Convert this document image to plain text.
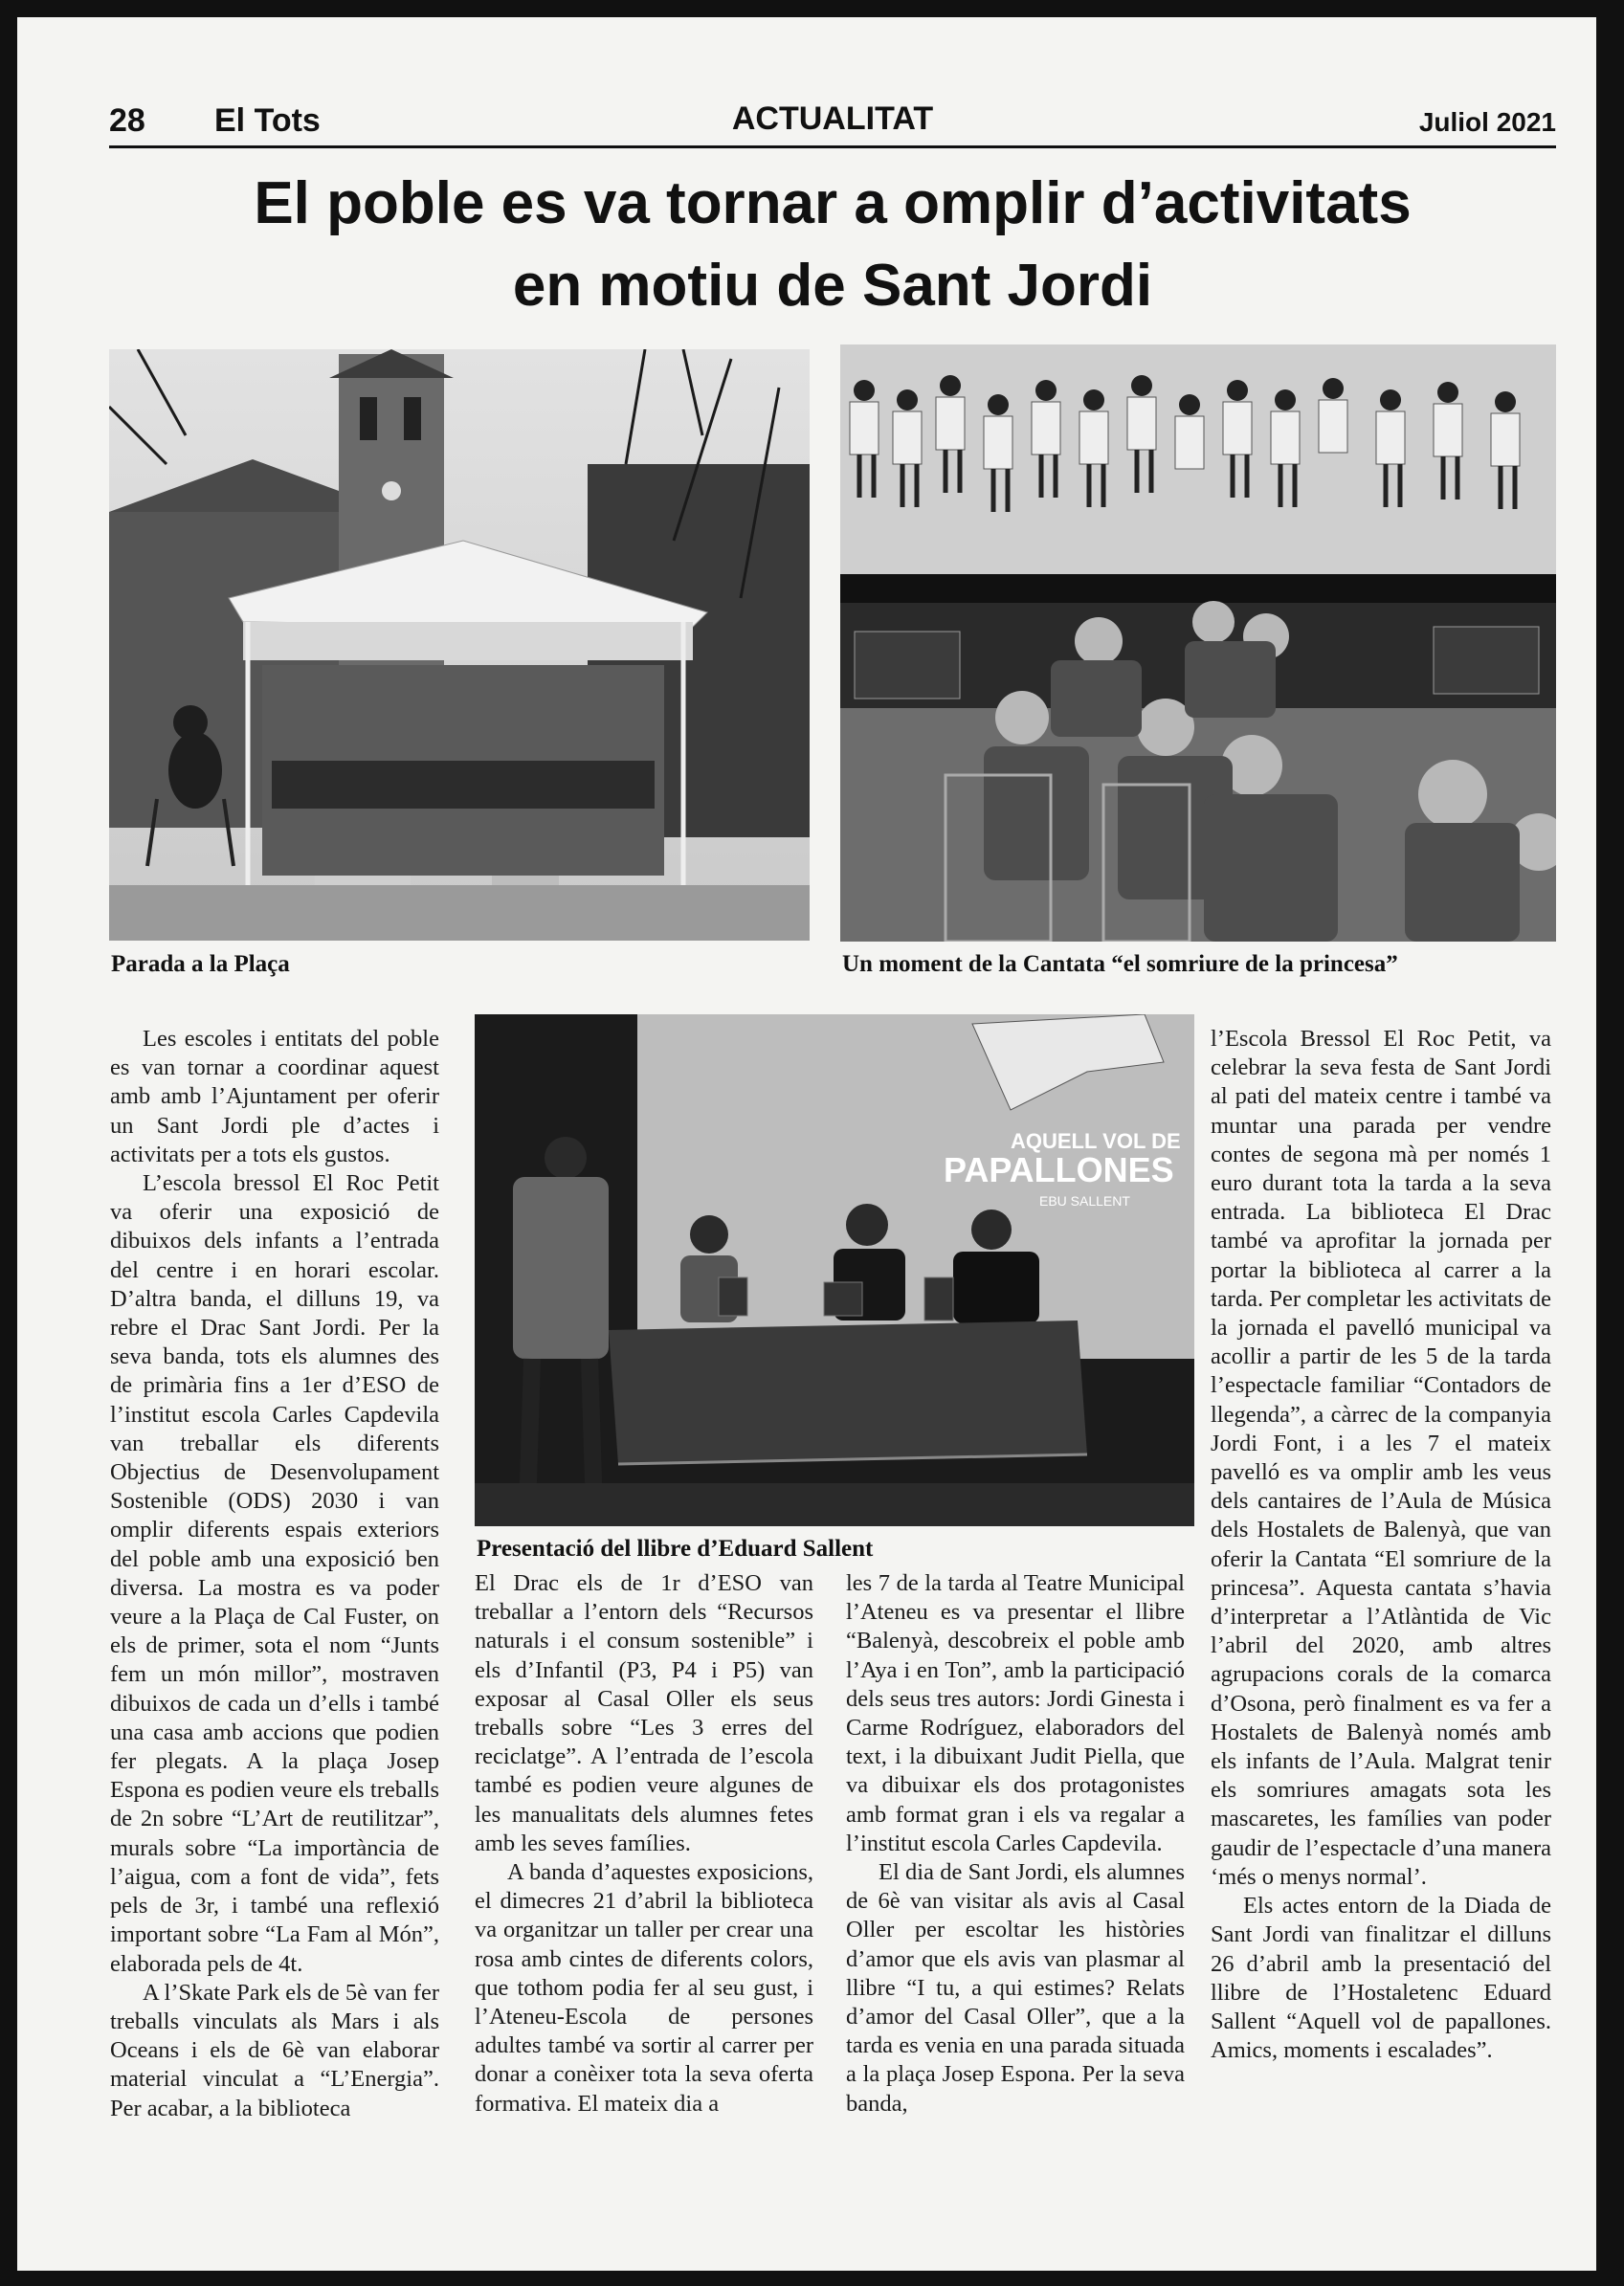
28 El Tots	ACTUALITAT	Juliol 2021
El poble es va tornar a omplir d’activitats
en motiu de Sant Jordi
Parada a la Plaça	Un moment de la Cantata “el somriure de la princesa”
AQUELL VOL DE
PAPALLONES
EBU SALLENT
Presentació del llibre d’Eduard Sallent

Les escoles i entitats del poble es van tornar a coordinar aquest amb amb l’Ajuntament per oferir un Sant Jordi ple d’actes i activitats per a tots els gustos.

L’escola bressol El Roc Petit va oferir una exposició de dibuixos dels infants a l’entrada del centre i en horari escolar. D’altra banda, el dilluns 19, va rebre el Drac Sant Jordi. Per la seva banda, tots els alumnes des de primària fins a 1er d’ESO de l’institut escola Carles Capdevila van treballar els diferents Objectius de Desenvolupament Sostenible (ODS) 2030 i van omplir diferents espais exteriors del poble amb una exposició ben diversa. La mostra es va poder veure a la Plaça de Cal Fuster, on els de primer, sota el nom “Junts fem un món millor”, mostraven dibuixos de cada un d’ells i també una casa amb accions que podien fer plegats. A la plaça Josep Espona es podien veure els treballs de 2n sobre “L’Art de reutilitzar”, murals sobre “La importància de l’aigua, com a font de vida”, fets pels de 3r, i també una reflexió important sobre “La Fam al Món”, elaborada pels de 4t.

A l’Skate Park els de 5è van fer treballs vinculats als Mars i als Oceans i els de 6è van elaborar material vinculat a “L’Energia”. Per acabar, a la biblioteca

El Drac els de 1r d’ESO van treballar a l’entorn dels “Recursos naturals i el consum sostenible” i els d’Infantil (P3, P4 i P5) van exposar al Casal Oller els seus treballs sobre “Les 3 erres del reciclatge”. A l’entrada de l’escola també es podien veure algunes de les manualitats dels alumnes fetes amb les seves famílies.

A banda d’aquestes exposicions, el dimecres 21 d’abril la biblioteca va organitzar un taller per crear una rosa amb cintes de diferents colors, que tothom podia fer al seu gust, i l’Ateneu-Escola de persones adultes també va sortir al carrer per donar a conèixer tota la seva oferta formativa. El mateix dia a

les 7 de la tarda al Teatre Municipal l’Ateneu es va presentar el llibre “Balenyà, descobreix el poble amb l’Aya i en Ton”, amb la participació dels seus tres autors: Jordi Ginesta i Carme Rodríguez, elaboradors del text, i la dibuixant Judit Piella, que va dibuixar els dos protagonistes amb format gran i els va regalar a l’institut escola Carles Capdevila.

El dia de Sant Jordi, els alumnes de 6è van visitar als avis al Casal Oller per escoltar les històries d’amor que els avis van plasmar al llibre “I tu, a qui estimes? Relats d’amor del Casal Oller”, que a la tarda es venia en una parada situada a la plaça Josep Espona. Per la seva banda,

l’Escola Bressol El Roc Petit, va celebrar la seva festa de Sant Jordi al pati del mateix centre i també va muntar una parada per vendre contes de segona mà per només 1 euro durant tota la tarda a la seva entrada. La biblioteca El Drac també va aprofitar la jornada per portar la biblioteca al carrer a la tarda. Per completar les activitats de la jornada el pavelló municipal va acollir a partir de les 5 de la tarda l’espectacle familiar “Contadors de llegenda”, a càrrec de la companyia Jordi Font, i a les 7 el mateix pavelló es va omplir amb les veus dels cantaires de l’Aula de Música dels Hostalets de Balenyà, que van oferir la Cantata “El somriure de la princesa”. Aquesta cantata s’havia d’interpretar a l’Atlàntida de Vic l’abril del 2020, amb altres agrupacions corals de la comarca d’Osona, però finalment es va fer a Hostalets de Balenyà només amb els infants de l’Aula. Malgrat tenir els somriures amagats sota les mascaretes, les famílies van poder gaudir de l’espectacle d’una manera ‘més o menys normal’.

Els actes entorn de la Diada de Sant Jordi van finalitzar el dilluns 26 d’abril amb la presentació del llibre de l’Hostaletenc Eduard Sallent “Aquell vol de papallones. Amics, moments i escalades”.
